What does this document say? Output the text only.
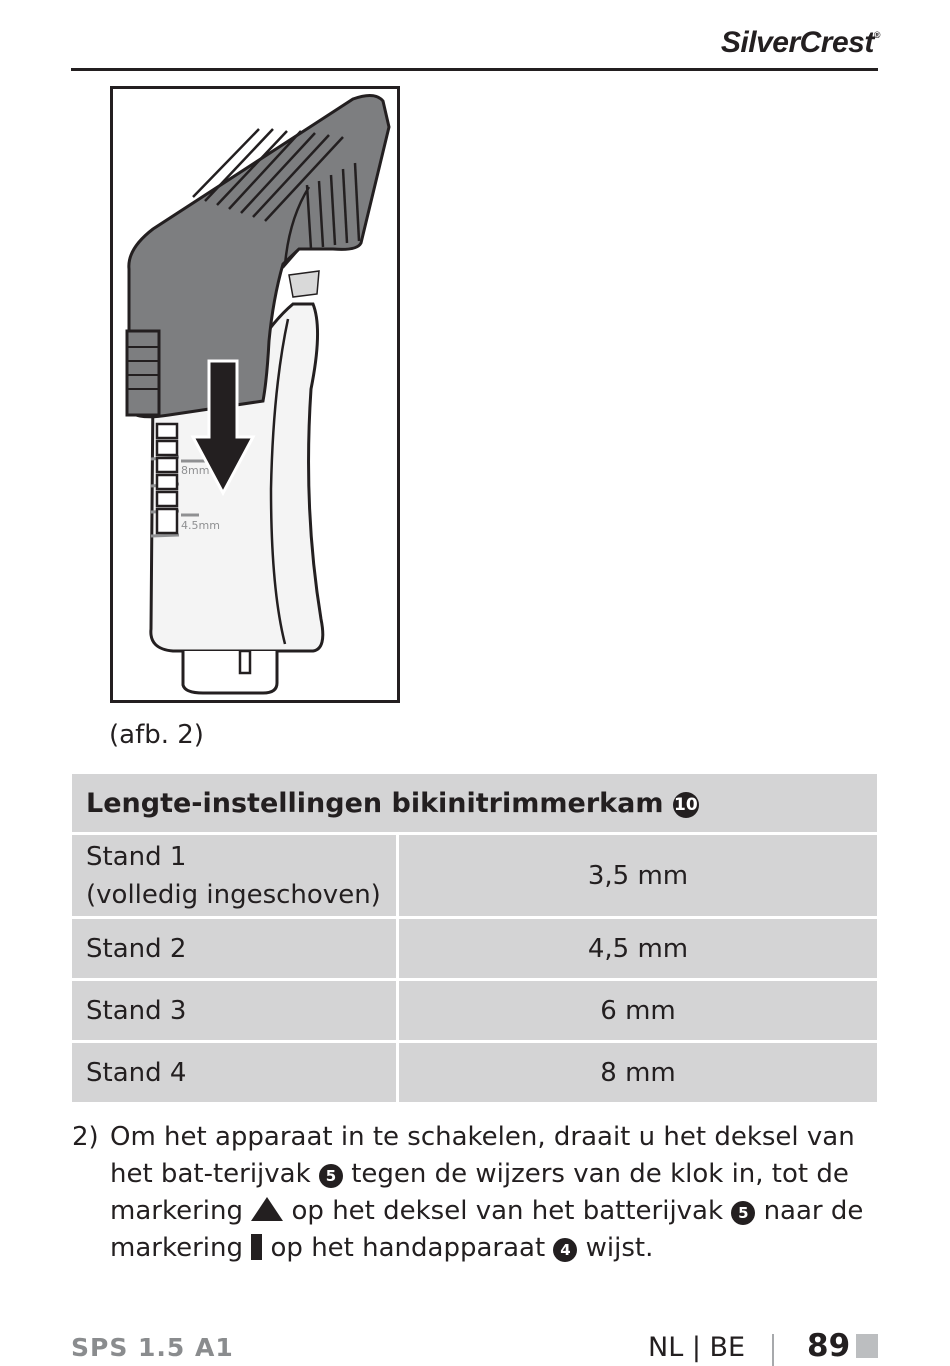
SilverCrest®
8mm
4.5mm
(afb. 2)
Lengte-instellingen bikinitrimmerkam 10	
Stand 1
(volledig ingeschoven)	3,5 mm
Stand 2	4,5 mm
Stand 3	6 mm
Stand 4	8 mm
2) Om het apparaat in te schakelen, draait u het deksel van het bat-terijvak 5 tegen de wijzers van de klok in, tot de markering op het deksel van het batterijvak 5 naar de markering op het handapparaat 4 wijst.
SPS 1.5 A1	NL | BE 89
